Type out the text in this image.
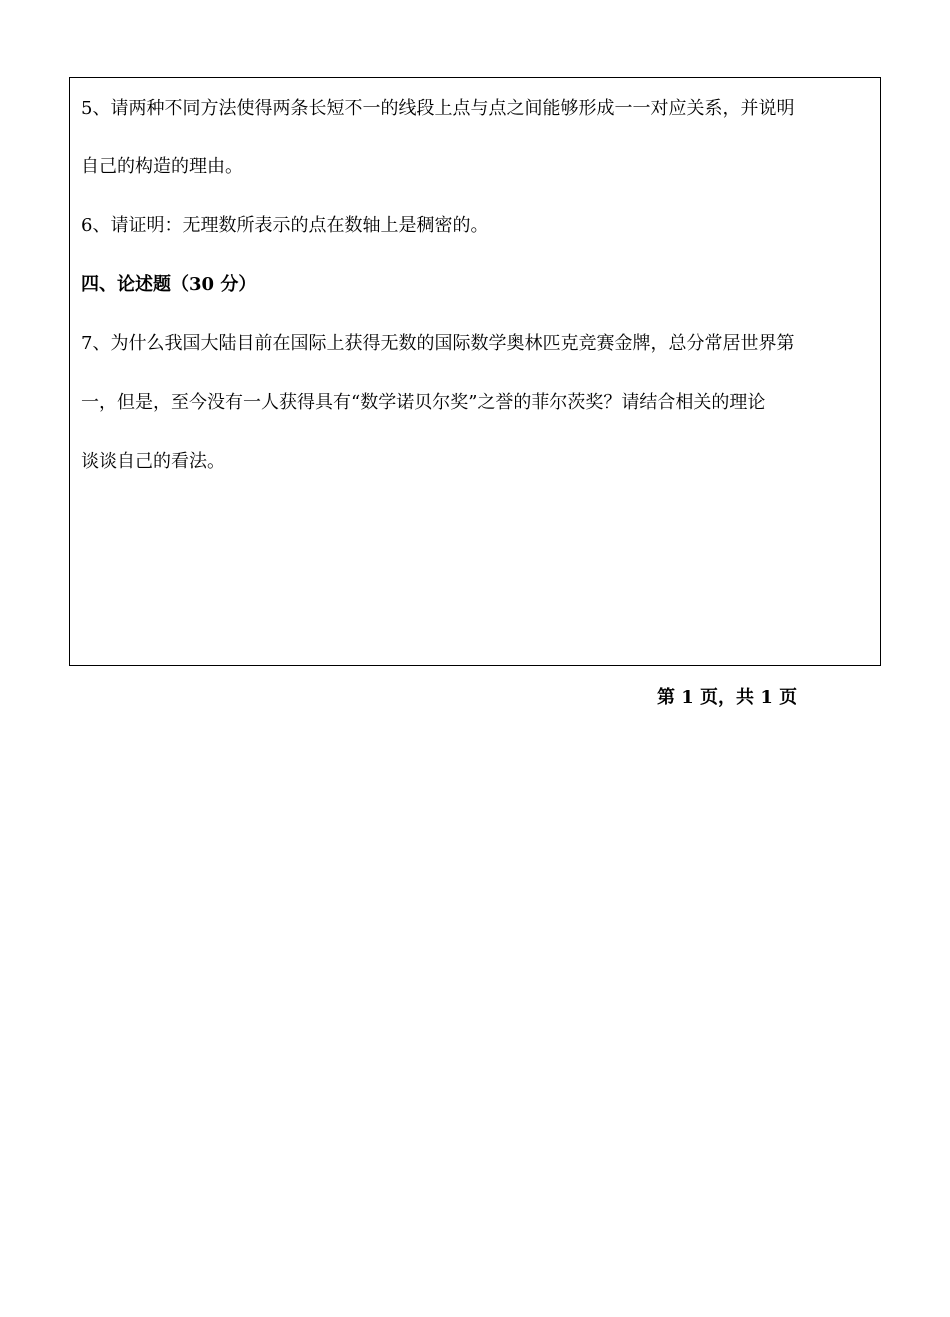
5、请两种不同方法使得两条长短不一的线段上点与点之间能够形成一一对应关系，并说明
自己的构造的理由。
6、请证明：无理数所表示的点在数轴上是稠密的。
四、论述题（30 分）
7、为什么我国大陆目前在国际上获得无数的国际数学奥林匹克竞赛金牌，总分常居世界第
一，但是，至今没有一人获得具有“数学诺贝尔奖”之誉的菲尔茨奖？请结合相关的理论
谈谈自己的看法。
第 1 页，共 1 页
